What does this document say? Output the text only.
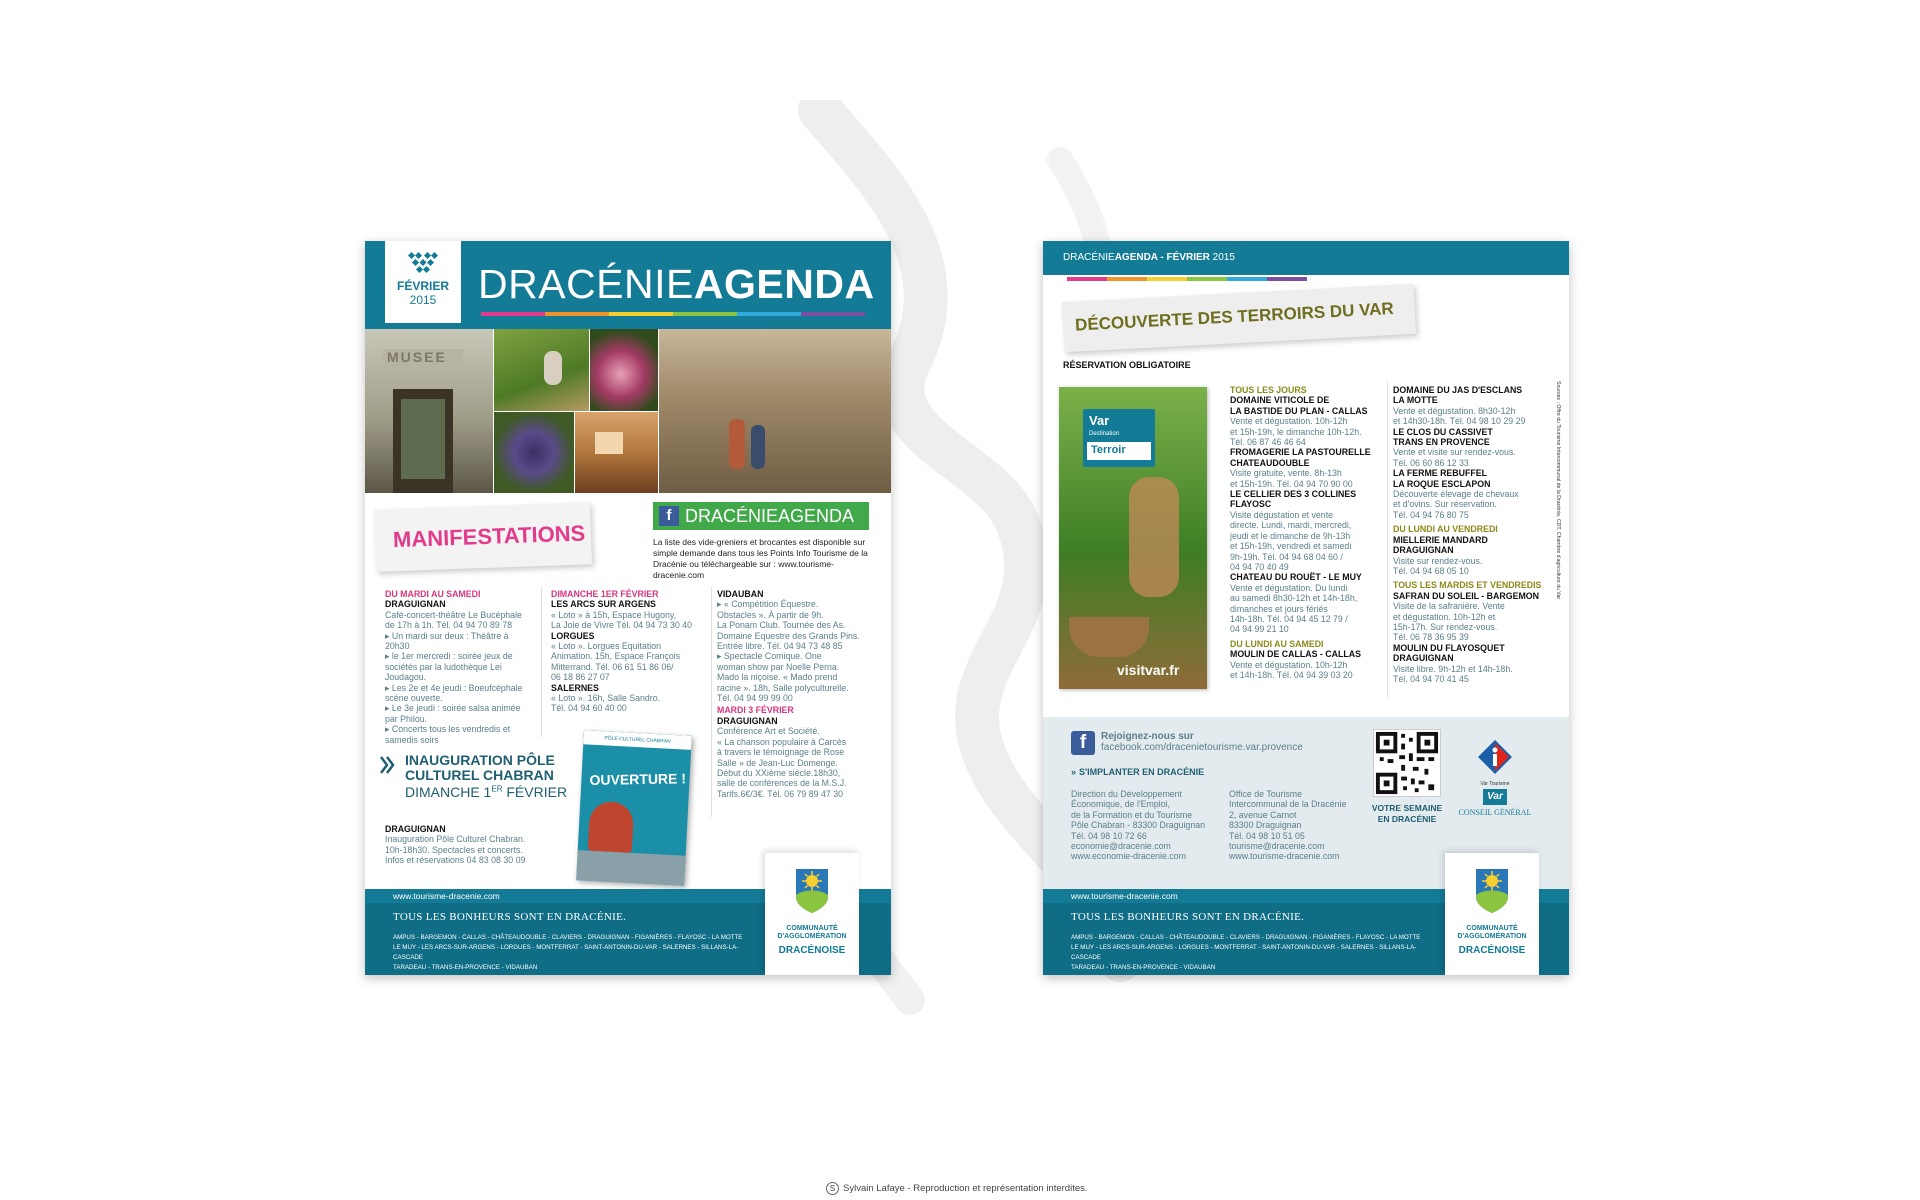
FÉVRIER
2015	DRACÉNIEAGENDA
MUSEE
MANIFESTATIONS
f DRACÉNIEAGENDA
La liste des vide-greniers et brocantes est disponible sur simple demande dans tous les Points Info Tourisme de la Dracénie ou téléchargeable sur : www.tourisme-dracenie.com

DU MARDI AU SAMEDI

DRAGUIGNAN

Café-concert-théâtre Le Bucéphale

de 17h à 1h. Tél. 04 94 70 89 78

▸ Un mardi sur deux : Théâtre à

20h30

▸ le 1er mercredi : soirée jeux de

sociétés par la ludothèque Lei

Joudagou.

▸ Les 2e et 4e jeudi : Boeufcéphale

scène ouverte.

▸ Le 3e jeudi : soirée salsa animée

par Philou.

▸ Concerts tous les vendredis et

samedis soirs

DIMANCHE 1ER FÉVRIER

LES ARCS SUR ARGENS

« Loto » à 15h, Espace Hugony,

La Joie de Vivre Tél. 04 94 73 30 40

LORGUES

« Loto ». Lorgues Equitation

Animation. 15h, Espace François

Mitterrand. Tél. 06 61 51 86 06/

06 18 86 27 07

SALERNES

« Loto ». 16h, Salle Sandro.

Tél. 04 94 60 40 00

VIDAUBAN

▸ « Compétition Équestre.

Obstacles ». À partir de 9h.

La Ponam Club. Tournée des As.

Domaine Equestre des Grands Pins.

Entrée libre. Tél. 04 94 73 48 85

▸ Spectacle Comique. One

woman show par Noelle Perna.

Mado la niçoise. « Mado prend

racine ». 18h, Salle polyculturelle.

Tél. 04 94 99 99 00

MARDI 3 FÉVRIER

DRAGUIGNAN

Conférence Art et Société.

« La chanson populaire à Carcès

à travers le témoignage de Rose

Salle » de Jean-Luc Domenge.

Début du XXième siècle.18h30,

salle de conférences de la M.S.J.

Tarifs.6€/3€. Tél. 06 79 89 47 30

INAUGURATION PÔLE CULTUREL CHABRAN
DIMANCHE 1ER FÉVRIER

DRAGUIGNAN

Inauguration Pôle Culturel Chabran.

10h-18h30. Spectacles et concerts.

Infos et réservations 04 83 08 30 09

PÔLE CULTUREL CHABRAN
OUVERTURE !
www.tourisme-dracenie.com
TOUS LES BONHEURS SONT EN DRACÉNIE.
AMPUS - BARGEMON - CALLAS - CHÂTEAUDOUBLE - CLAVIERS - DRAGUIGNAN - FIGANIÈRES - FLAYOSC - LA MOTTE
LE MUY - LES ARCS-SUR-ARGENS - LORGUES - MONTFERRAT - SAINT-ANTONIN-DU-VAR - SALERNES - SILLANS-LA-CASCADE
TARADEAU - TRANS-EN-PROVENCE - VIDAUBAN
COMMUNAUTÉ
D'AGGLOMÉRATION
DRACÉNOISE
DRACÉNIEAGENDA - FÉVRIER 2015
DÉCOUVERTE DES TERROIRS DU VAR
RÉSERVATION OBLIGATOIRE
Var
Destination
Terroir
visitvar.fr

TOUS LES JOURS

DOMAINE VITICOLE DE

LA BASTIDE DU PLAN - CALLAS

Vente et dégustation. 10h-12h

et 15h-19h, le dimanche 10h-12h.

Tél. 06 87 46 46 64

FROMAGERIE LA PASTOURELLE

CHATEAUDOUBLE

Visite gratuite, vente. 8h-13h

et 15h-19h. Tél. 04 94 70 90 00

LE CELLIER DES 3 COLLINES

FLAYOSC

Visite dégustation et vente

directe. Lundi, mardi, mercredi,

jeudi et le dimanche de 9h-13h

et 15h-19h, vendredi et samedi

9h-19h. Tél. 04 94 68 04 60 /

04 94 70 40 49

CHATEAU DU ROUËT - LE MUY

Vente et dégustation. Du lundi

au samedi 8h30-12h et 14h-18h,

dimanches et jours fériés

14h-18h. Tél. 04 94 45 12 79 /

04 94 99 21 10

DU LUNDI AU SAMEDI

MOULIN DE CALLAS - CALLAS

Vente et dégustation. 10h-12h

et 14h-18h. Tél. 04 94 39 03 20

DOMAINE DU JAS D'ESCLANS

LA MOTTE

Vente et dégustation. 8h30-12h

et 14h30-18h. Tél. 04 98 10 29 29

LE CLOS DU CASSIVET

TRANS EN PROVENCE

Vente et visite sur rendez-vous.

Tél. 06 60 86 12 33

LA FERME REBUFFEL

LA ROQUE ESCLAPON

Découverte élevage de chevaux

et d'ovins. Sur réservation.

Tél. 04 94 76 80 75

DU LUNDI AU VENDREDI

MIELLERIE MANDARD

DRAGUIGNAN

Visite sur rendez-vous.

Tél. 04 94 68 05 10

TOUS LES MARDIS ET VENDREDIS

SAFRAN DU SOLEIL - BARGEMON

Visite de la safranière. Vente

et dégustation. 10h-12h et

15h-17h. Sur rendez-vous.

Tél. 06 78 36 95 39

MOULIN DU FLAYOSQUET

DRAGUIGNAN

Visite libre. 9h-12h et 14h-18h.

Tél. 04 94 70 41 45

Sources : Offre du Tourisme Intercommunal de la Dracénie, CDT, Chambre d'agriculture du Var
f	Rejoignez-nous sur
facebook.com/dracenietourisme.var.provence
» S'IMPLANTER EN DRACÉNIE
Direction du Développement
Économique, de l'Emploi,
de la Formation et du Tourisme
Pôle Chabran - 83300 Draguignan
Tél. 04 98 10 72 66
economie@dracenie.com
www.economie-dracenie.com
Office de Tourisme
Intercommunal de la Dracénie
2, avenue Carnot
83300 Draguignan
Tél. 04 98 10 51 05
tourisme@dracenie.com
www.tourisme-dracenie.com
VOTRE SEMAINE
EN DRACÉNIE
Var Tourisme
Var
CONSEIL GÉNÉRAL
www.tourisme-dracenie.com
TOUS LES BONHEURS SONT EN DRACÉNIE.
AMPUS - BARGEMON - CALLAS - CHÂTEAUDOUBLE - CLAVIERS - DRAGUIGNAN - FIGANIÈRES - FLAYOSC - LA MOTTE
LE MUY - LES ARCS-SUR-ARGENS - LORGUES - MONTFERRAT - SAINT-ANTONIN-DU-VAR - SALERNES - SILLANS-LA-CASCADE
TARADEAU - TRANS-EN-PROVENCE - VIDAUBAN
COMMUNAUTÉ
D'AGGLOMÉRATION
DRACÉNOISE
S Sylvain Lafaye - Reproduction et représentation interdites.
